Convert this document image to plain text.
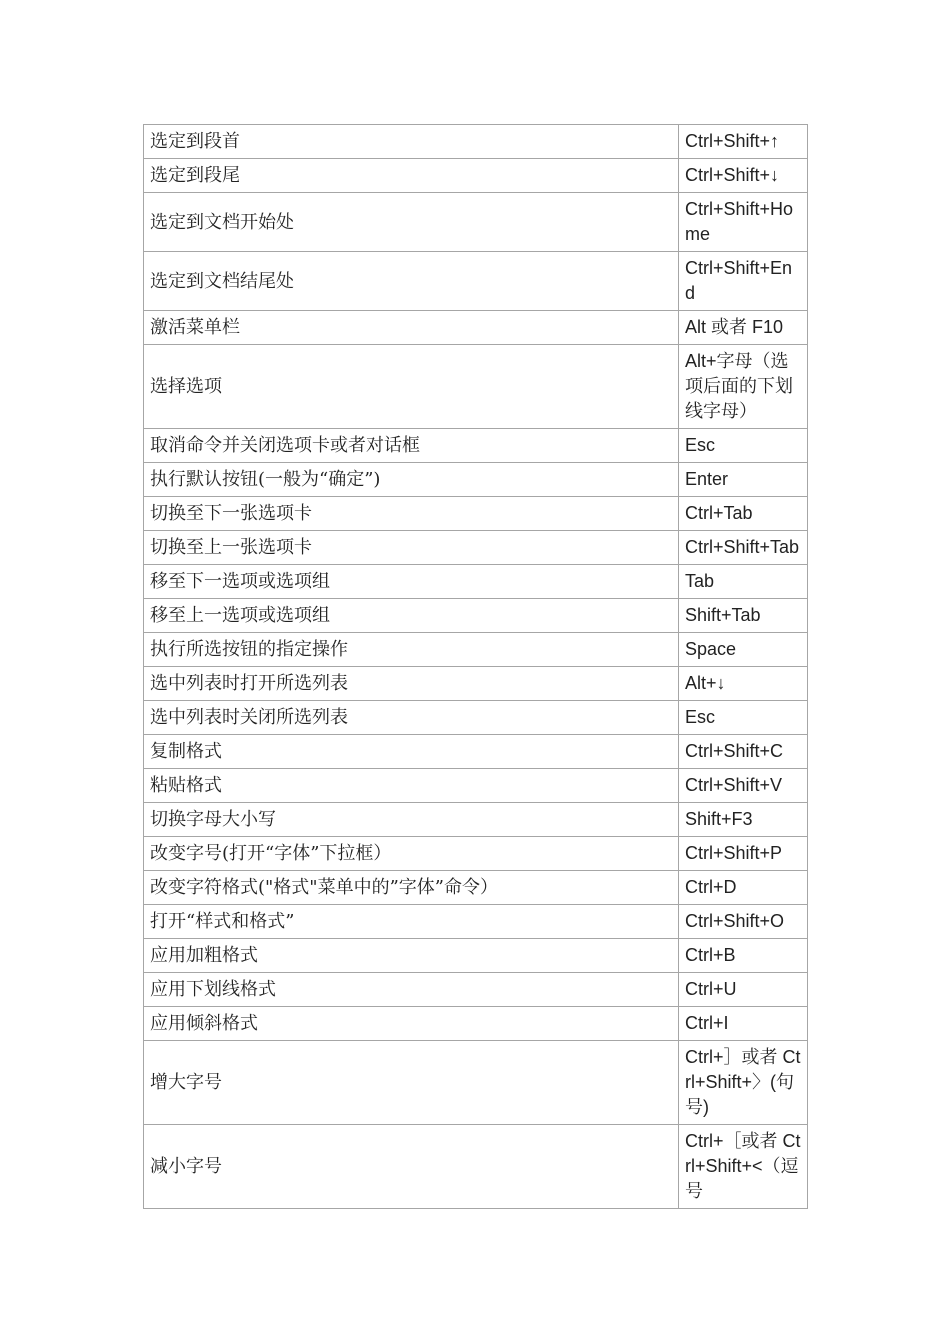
选定到段首	Ctrl+Shift+↑
选定到段尾	Ctrl+Shift+↓
选定到文档开始处	Ctrl+Shift+Home
选定到文档结尾处	Ctrl+Shift+End
激活菜单栏	Alt 或者 F10
选择选项	Alt+字母（选项后面的下划线字母）
取消命令并关闭选项卡或者对话框	Esc
执行默认按钮(一般为“确定”)	Enter
切换至下一张选项卡	Ctrl+Tab
切换至上一张选项卡	Ctrl+Shift+Tab
移至下一选项或选项组	Tab
移至上一选项或选项组	Shift+Tab
执行所选按钮的指定操作	Space
选中列表时打开所选列表	Alt+↓
选中列表时关闭所选列表	Esc
复制格式	Ctrl+Shift+C
粘贴格式	Ctrl+Shift+V
切换字母大小写	Shift+F3
改变字号(打开“字体”下拉框）	Ctrl+Shift+P
改变字符格式("格式"菜单中的”字体”命令）	Ctrl+D
打开“样式和格式”	Ctrl+Shift+O
应用加粗格式	Ctrl+B
应用下划线格式	Ctrl+U
应用倾斜格式	Ctrl+I
增大字号	Ctrl+］或者 Ctrl+Shift+〉(句号)
减小字号	Ctrl+［或者 Ctrl+Shift+<（逗号
